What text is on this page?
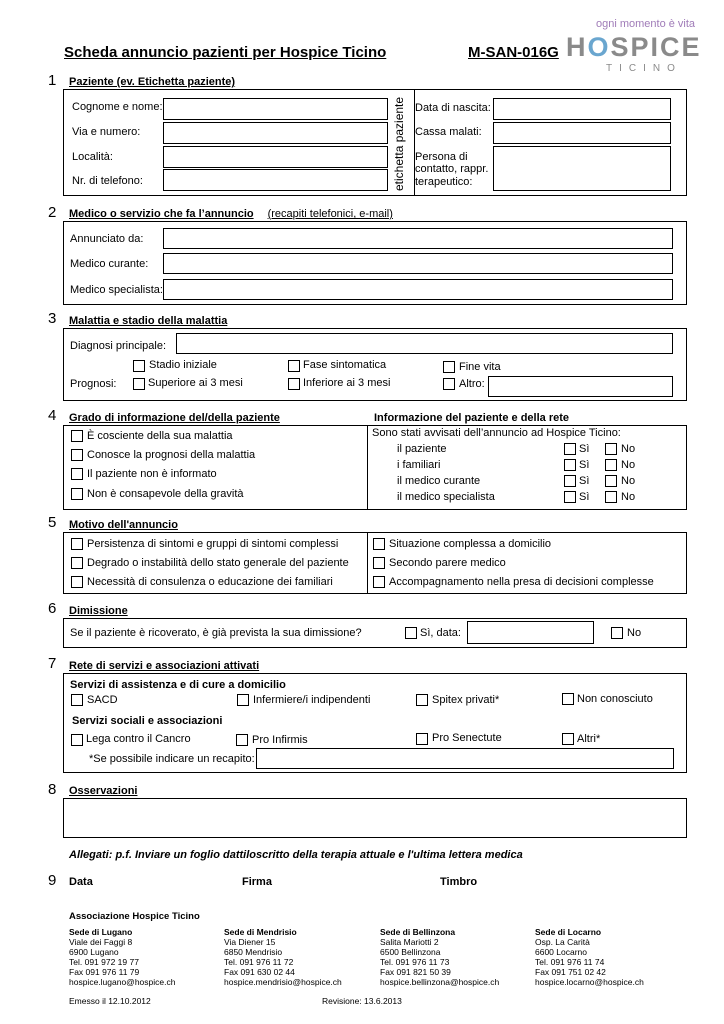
Scheda annuncio pazienti per Hospice Ticino	M-SAN-016G
ogni momento è vita
HOSPICE
TICINO
1 Paziente (ev. Etichetta paziente)
Cognome e nome:
Via e numero:
Località:
Nr. di telefono:	etichetta paziente Data di nascita:
Cassa malati:
Persona di
contatto, rappr.
terapeutico:
2 Medico o servizio che fa l’annuncio (recapiti telefonici, e-mail)
Annunciato da:
Medico curante:
Medico specialista:
3 Malattia e stadio della malattia
Diagnosi principale:
Prognosi:
Stadio iniziale	Fase sintomatica	Fine vita
Superiore ai 3 mesi	Inferiore ai 3 mesi	Altro:
4 Grado di informazione del/della paziente	Informazione del paziente e della rete
È cosciente della sua malattia
Conosce la prognosi della malattia
Il paziente non è informato
Non è consapevole della gravità
Sono stati avvisati dell’annuncio ad Hospice Ticino:
il paziente	Sì	No
i familiari	Sì	No
il medico curante	Sì	No
il medico specialista	Sì	No
5 Motivo dell'annuncio
Persistenza di sintomi e gruppi di sintomi complessi
Degrado o instabilità dello stato generale del paziente
Necessità di consulenza o educazione dei familiari
Situazione complessa a domicilio
Secondo parere medico
Accompagnamento nella presa di decisioni complesse
6 Dimissione
Se il paziente è ricoverato, è già prevista la sua dimissione?	Sì, data:	No
7 Rete di servizi e associazioni attivati
Servizi di assistenza e di cure a domicilio
SACD	Infermiere/i indipendenti	Spitex privati*	Non conosciuto
Servizi sociali e associazioni
Lega contro il Cancro	Pro Infirmis	Pro Senectute	Altri*
*Se possibile indicare un recapito:
8 Osservazioni
Allegati: p.f. Inviare un foglio dattiloscritto della terapia attuale e l'ultima lettera medica
9 Data	Firma	Timbro
Associazione Hospice Ticino
Sede di Lugano
Viale dei Faggi 8
6900 Lugano
Tel. 091 972 19 77
Fax 091 976 11 79
hospice.lugano@hospice.ch
Sede di Mendrisio
Via Diener 15
6850 Mendrisio
Tel. 091 976 11 72
Fax 091 630 02 44
hospice.mendrisio@hospice.ch
Sede di Bellinzona
Salita Mariotti 2
6500 Bellinzona
Tel. 091 976 11 73
Fax 091 821 50 39
hospice.bellinzona@hospice.ch
Sede di Locarno
Osp. La Carità
6600 Locarno
Tel. 091 976 11 74
Fax 091 751 02 42
hospice.locarno@hospice.ch
Emesso il 12.10.2012	Revisione: 13.6.2013
